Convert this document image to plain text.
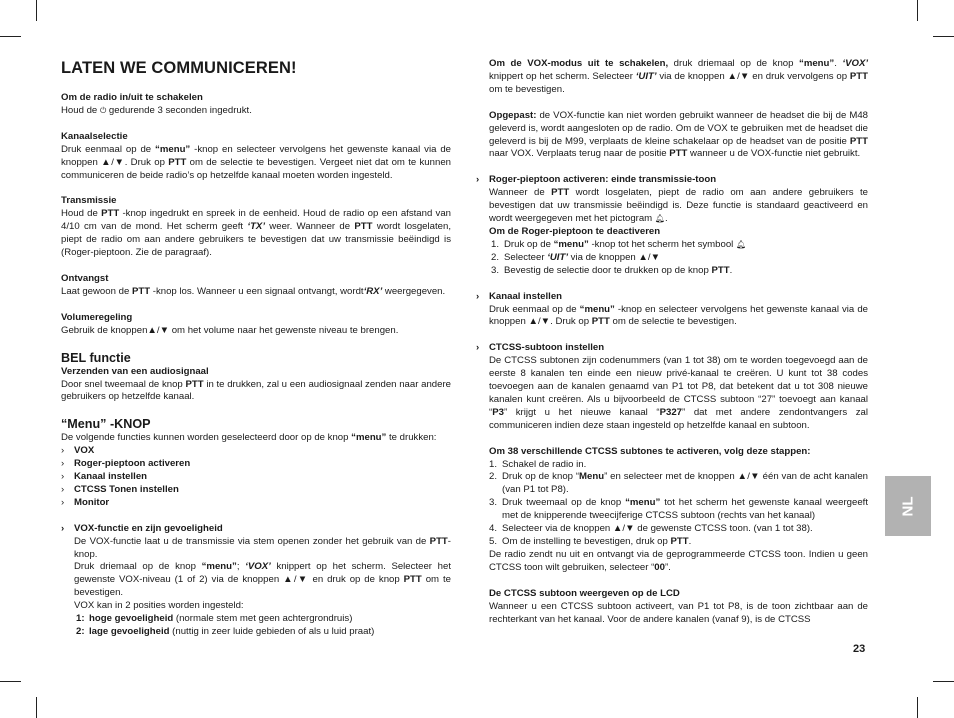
LATEN WE COMMUNICEREN!
Om de radio in/uit te schakelen

Houd de ⏻ gedurende 3 seconden ingedrukt.

Kanaalselectie

Druk eenmaal op de “menu” -knop en selecteer vervolgens het gewenste kanaal via de knoppen ▲/▼. Druk op PTT om de selectie te bevestigen. Vergeet niet dat om te kunnen communiceren de beide radio’s op hetzelfde kanaal moeten worden ingesteld.

Transmissie

Houd de PTT -knop ingedrukt en spreek in de eenheid. Houd de radio op een afstand van 4/10 cm van de mond. Het scherm geeft ‘TX’ weer. Wanneer de PTT wordt losgelaten, piept de radio om aan andere gebruikers te bevestigen dat uw transmissie beëindigd is (Roger-pieptoon. Zie de paragraaf).

Ontvangst

Laat gewoon de PTT -knop los. Wanneer u een signaal ontvangt, wordt‘RX’ weergegeven.

Volumeregeling

Gebruik de knoppen▲/▼ om het volume naar het gewenste niveau te brengen.

BEL functie
Verzenden van een audiosignaal

Door snel tweemaal de knop PTT in te drukken, zal u een audiosignaal zenden naar andere gebruikers op hetzelfde kanaal.

“Menu” -KNOP

De volgende functies kunnen worden geselecteerd door op de knop “menu” te drukken:

›	VOX
›	Roger-pieptoon activeren
›	Kanaal instellen
›	CTCSS Tonen instellen
›	Monitor
›	VOX-functie en zijn gevoeligheid

De VOX-functie laat u de transmissie via stem openen zonder het gebruik van de PTT-knop.

Druk driemaal op de knop “menu”; ‘VOX’ knippert op het scherm. Selecteer het gewenste VOX-niveau (1 of 2) via de knoppen ▲/▼ en druk op de knop PTT om te bevestigen.

VOX kan in 2 posities worden ingesteld:

1: hoge gevoeligheid (normale stem met geen achtergrondruis)
2: lage gevoeligheid (nuttig in zeer luide gebieden of als u luid praat)

Om de VOX-modus uit te schakelen, druk driemaal op de knop “menu”. ‘VOX’ knippert op het scherm. Selecteer ‘UIT’ via de knoppen ▲/▼ en druk vervolgens op PTT om te bevestigen.

Opgepast: de VOX-functie kan niet worden gebruikt wanneer de headset die bij de M48 geleverd is, wordt aangesloten op de radio. Om de VOX te gebruiken met de headset die geleverd is bij de M99, verplaats de kleine schakelaar op de headset van de positie PTT naar VOX. Verplaats terug naar de positie PTT wanneer u de VOX-functie niet gebruikt.

›	Roger-pieptoon activeren: einde transmissie-toon

Wanneer de PTT wordt losgelaten, piept de radio om aan andere gebruikers te bevestigen dat uw transmissie beëindigd is. Deze functie is standaard geactiveerd en wordt weergegeven met het pictogram 🔔︎.

Om de Roger-pieptoon te deactiveren
1. Druk op de “menu” -knop tot het scherm het symbool 🔔︎
2. Selecteer ‘UIT’ via de knoppen ▲/▼
3. Bevestig de selectie door te drukken op de knop PTT.
›	Kanaal instellen

Druk eenmaal op de “menu” -knop en selecteer vervolgens het gewenste kanaal via de knoppen ▲/▼. Druk op PTT om de selectie te bevestigen.

›	CTCSS-subtoon instellen

De CTCSS subtonen zijn codenummers (van 1 tot 38) om te worden toegevoegd aan de eerste 8 kanalen ten einde een nieuw privé-kanaal te creëren. U kunt tot 38 codes toevoegen aan de kanalen genaamd van P1 tot P8, dat betekent dat u tot 308 nieuwe kanalen kunt creëren. Als u bijvoorbeeld de CTCSS subtoon “27” toevoegt aan kanaal “P3” krijgt u het nieuwe kanaal “P327” dat met andere zendontvangers zal communiceren indien deze staan ingesteld op hetzelfde kanaal en subtoon.

Om 38 verschillende CTCSS subtones te activeren, volg deze stappen:
1. Schakel de radio in.
2. Druk op de knop “Menu” en selecteer met de knoppen ▲/▼ één van de acht kanalen (van P1 tot P8).
3. Druk tweemaal op de knop “menu” tot het scherm het gewenste kanaal weergeeft met de knipperende tweecijferige CTCSS subtoon (rechts van het kanaal)
4. Selecteer via de knoppen ▲/▼ de gewenste CTCSS toon. (van 1 tot 38).
5. Om de instelling te bevestigen, druk op PTT.

De radio zendt nu uit en ontvangt via de geprogrammeerde CTCSS toon. Indien u geen CTCSS toon wilt gebruiken, selecteer “00”.

De CTCSS subtoon weergeven op de LCD

Wanneer u een CTCSS subtoon activeert, van P1 tot P8, is de toon zichtbaar aan de rechterkant van het kanaal. Voor de andere kanalen (vanaf 9), is de CTCSS

NL
23
